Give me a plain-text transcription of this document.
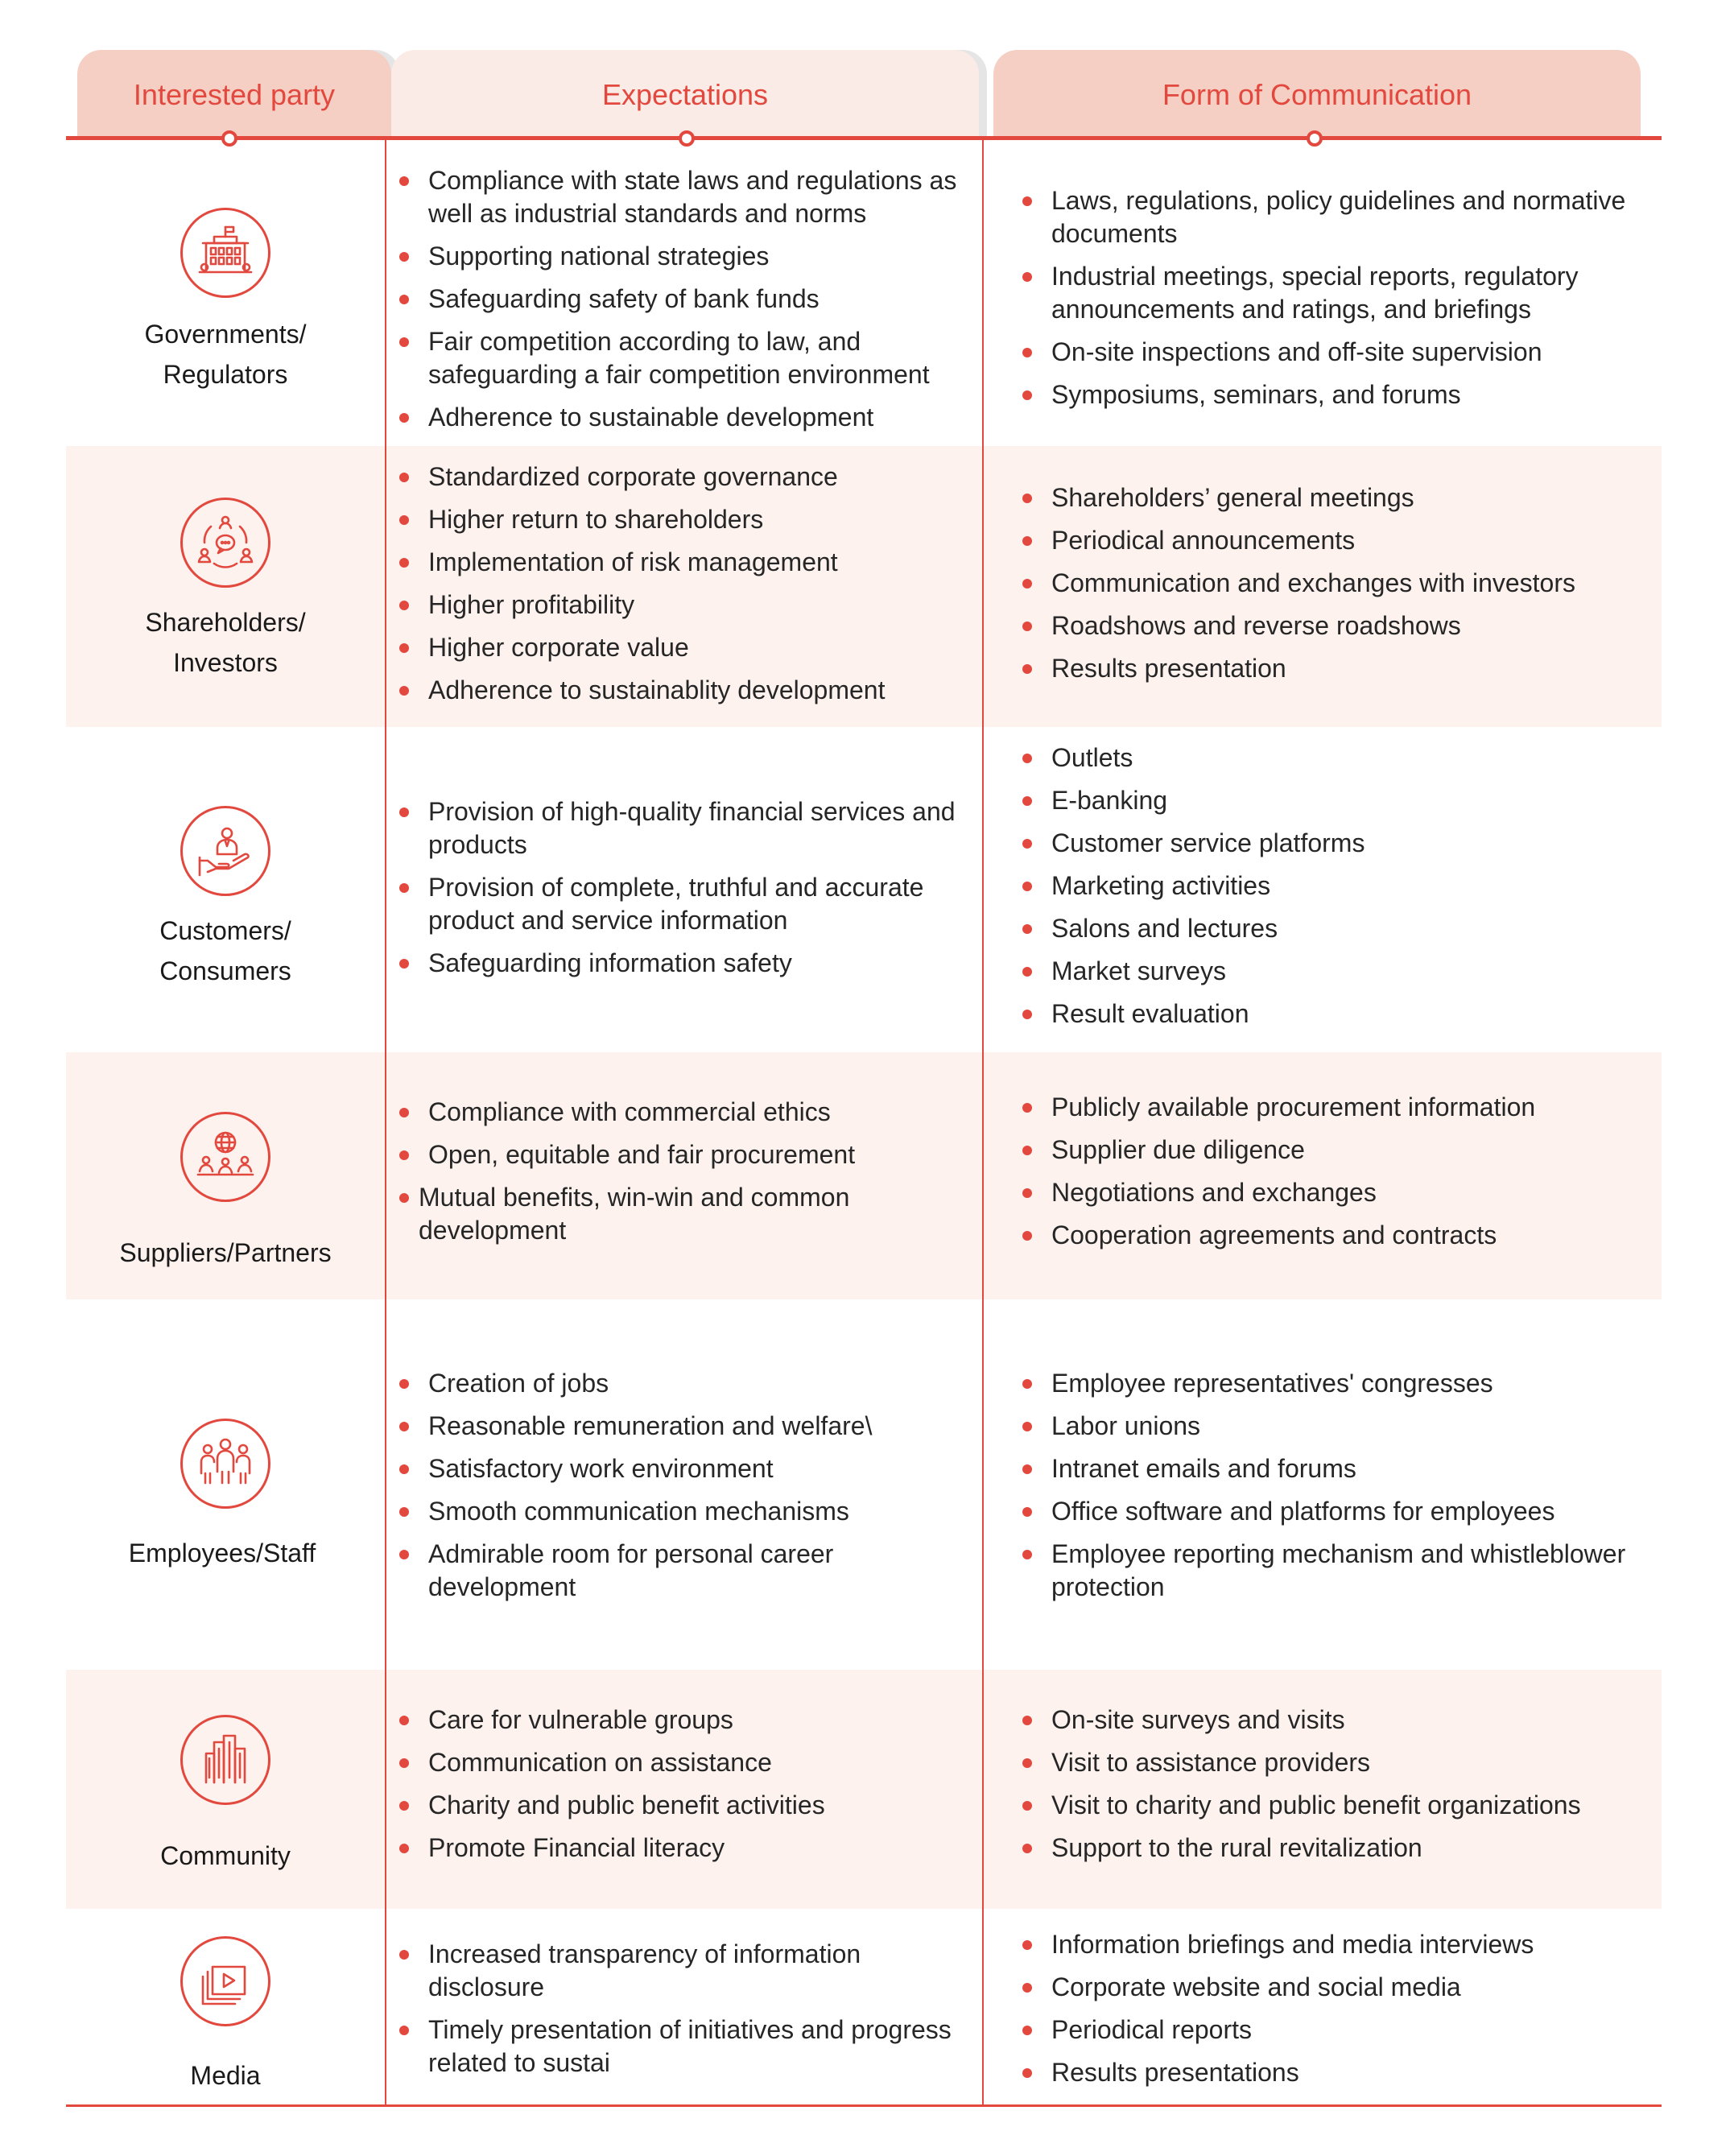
Interested party	Expectations	Form of Communication
Governments/
Regulators
Compliance with state laws and regulations as well as industrial standards and norms
Supporting national strategies
Safeguarding safety of bank funds
Fair competition according to law, and safeguarding a fair competition environment
Adherence to sustainable development
Laws, regulations, policy guidelines and normative documents
Industrial meetings, special reports, regulatory announcements and ratings, and briefings
On-site inspections and off-site supervision
Symposiums, seminars, and forums
Shareholders/
Investors
Standardized corporate governance
Higher return to shareholders
Implementation of risk management
Higher profitability
Higher corporate value
Adherence to sustainablity development
Shareholders’ general meetings
Periodical announcements
Communication and exchanges with investors
Roadshows and reverse roadshows
Results presentation
Customers/
Consumers
Provision of high-quality financial services and products
Provision of complete, truthful and accurate product and service information
Safeguarding information safety
Outlets
E-banking
Customer service platforms
Marketing activities
Salons and lectures
Market surveys
Result evaluation
Suppliers/Partners
Compliance with commercial ethics
Open, equitable and fair procurement
Mutual benefits, win-win and common development
Publicly available procurement information
Supplier due diligence
Negotiations and exchanges
Cooperation agreements and contracts
Employees/Staff
Creation of jobs
Reasonable remuneration and welfare\
Satisfactory work environment
Smooth communication mechanisms
Admirable room for personal career development
Employee representatives' congresses
Labor unions
Intranet emails and forums
Office software and platforms for employees
Employee reporting mechanism and whistleblower protection
Community
Care for vulnerable groups
Communication on assistance
Charity and public benefit activities
Promote Financial literacy
On-site surveys and visits
Visit to assistance providers
Visit to charity and public benefit organizations
Support to the rural revitalization
Media
Increased transparency of information disclosure
Timely presentation of initiatives and progress related to sustai
Information briefings and media interviews
Corporate website and social media
Periodical reports
Results presentations
